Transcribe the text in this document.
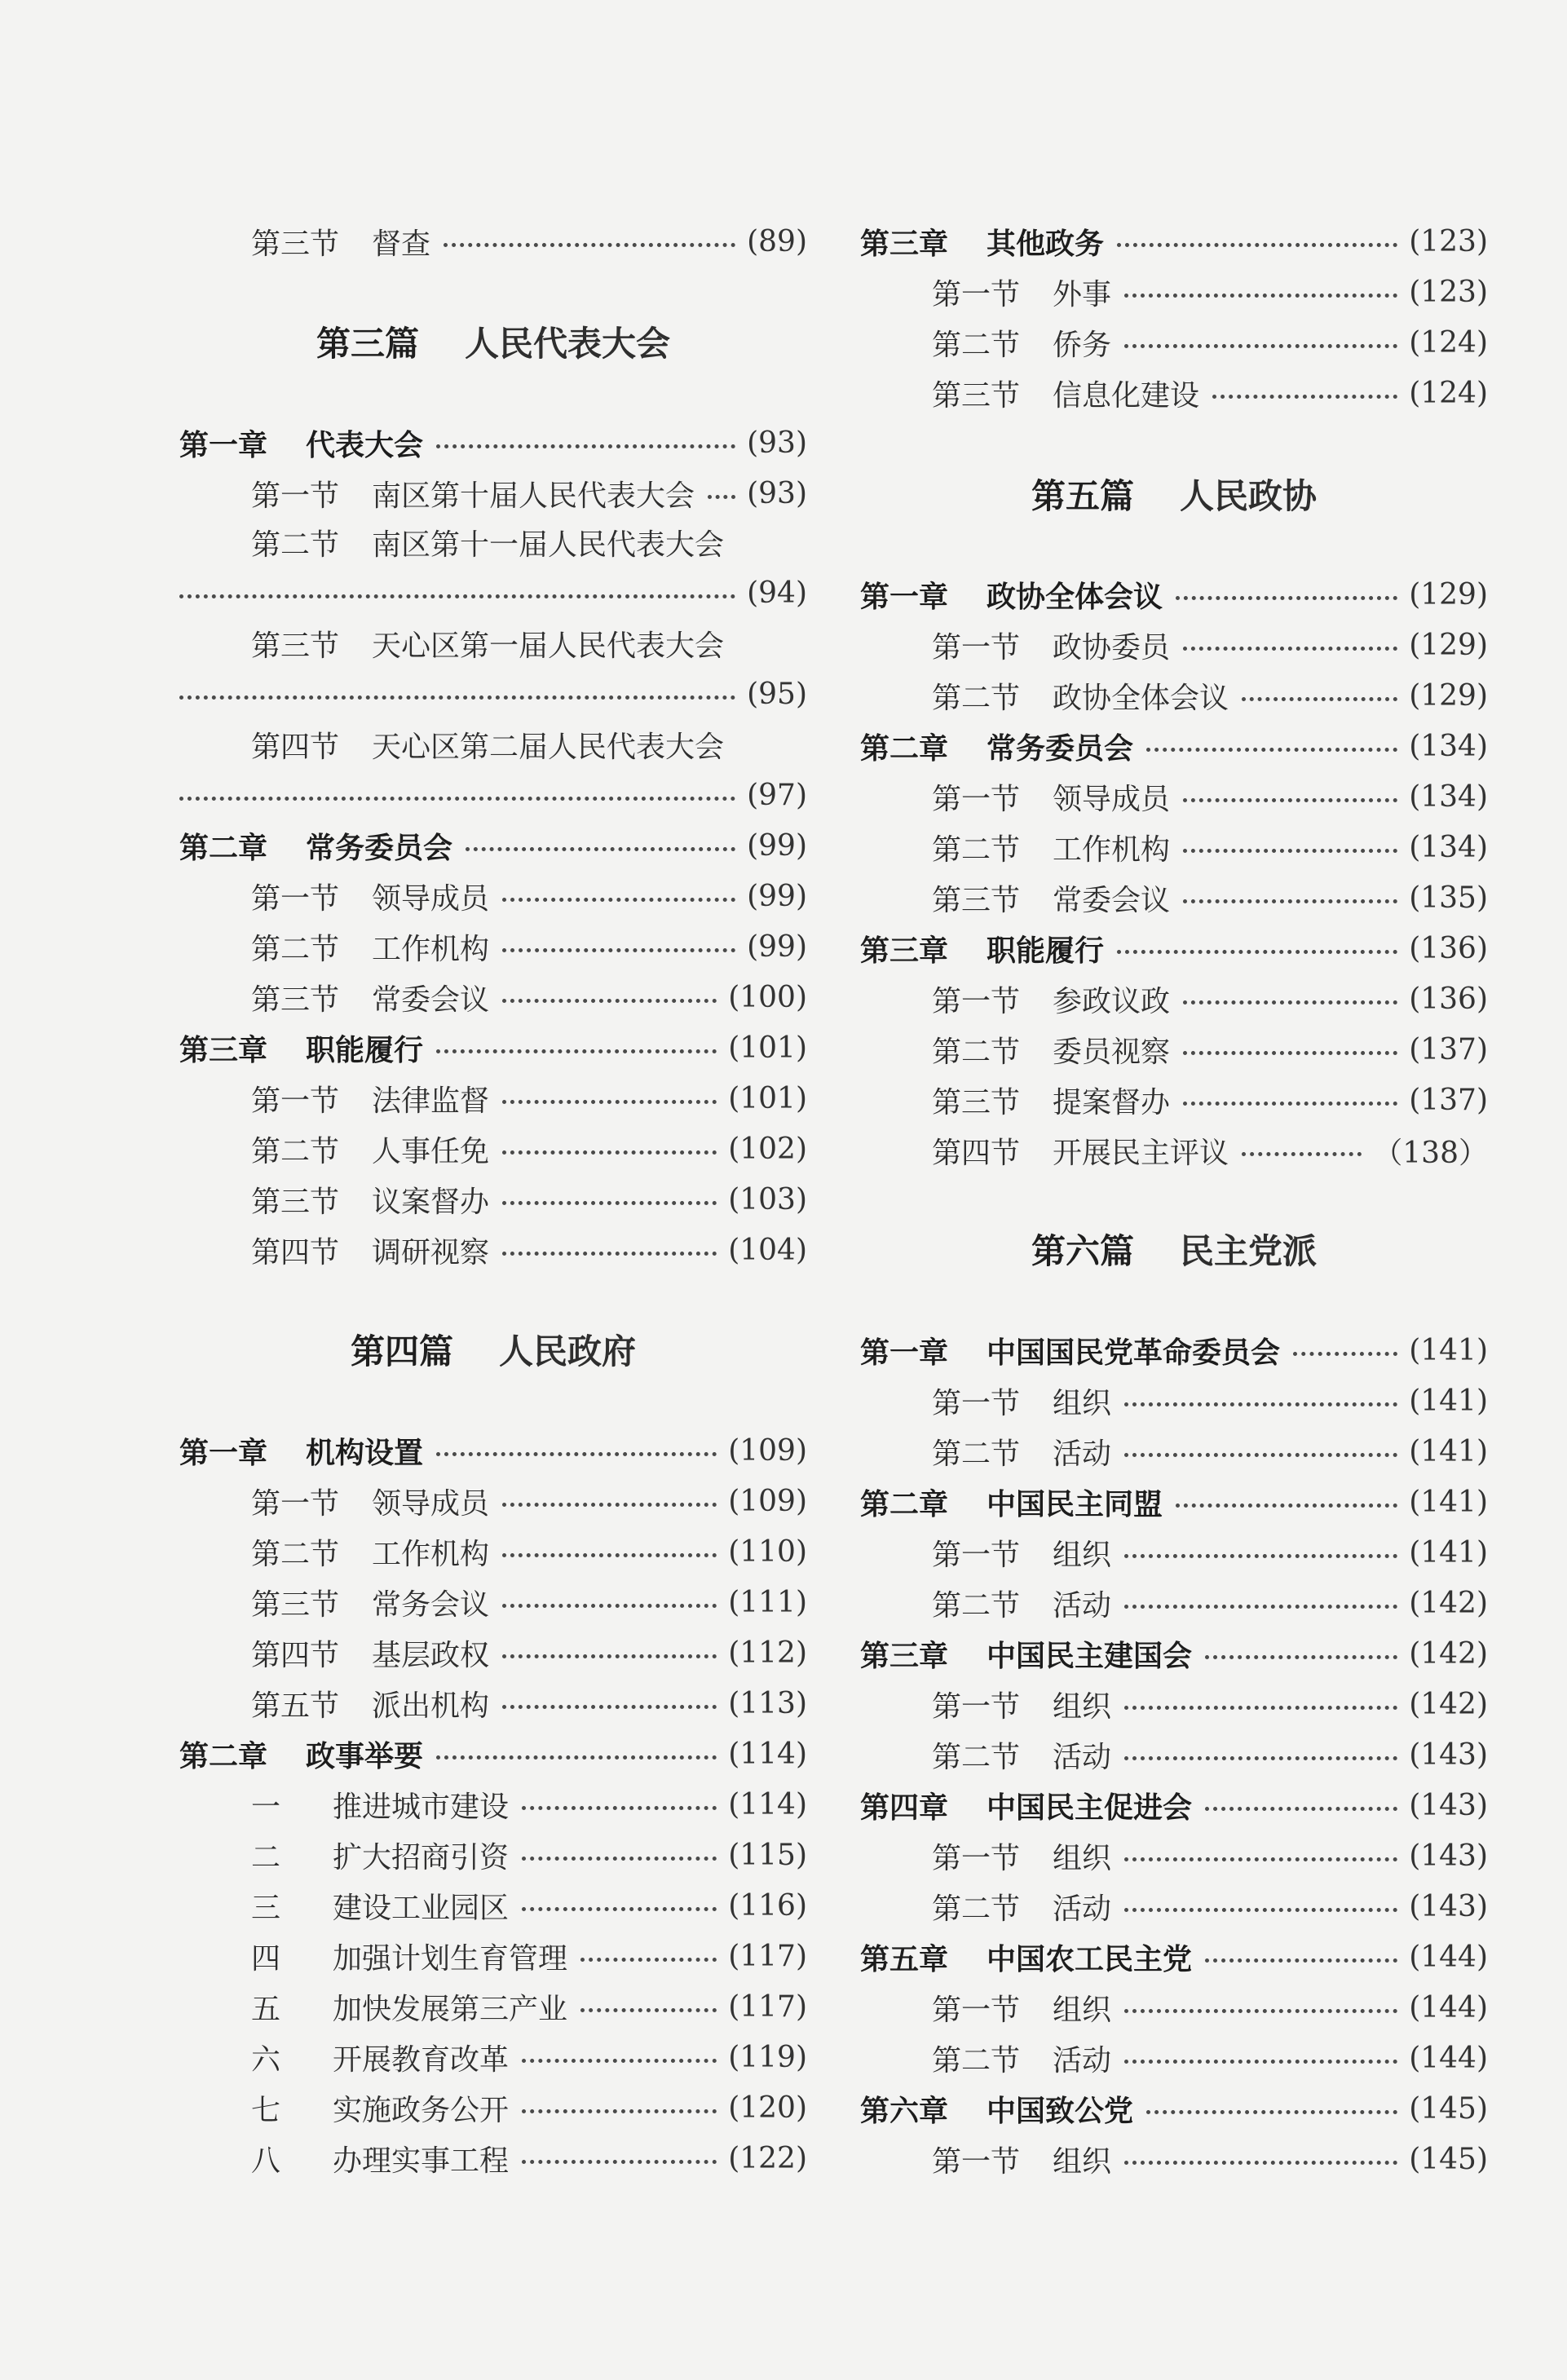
第三节	督查	(89)
第三篇 人民代表大会
第一章	代表大会	(93)
第一节	南区第十届人民代表大会 (93)
第二节	南区第十一届人民代表大会
(94)
第三节	天心区第一届人民代表大会
(95)
第四节	天心区第二届人民代表大会
(97)
第二章	常务委员会	(99)
第一节	领导成员	(99)
第二节	工作机构	(99)
第三节	常委会议	(100)
第三章	职能履行	(101)
第一节	法律监督	(101)
第二节	人事任免	(102)
第三节	议案督办	(103)
第四节	调研视察	(104)
第四篇 人民政府
第一章	机构设置	(109)
第一节	领导成员	(109)
第二节	工作机构	(110)
第三节	常务会议	(111)
第四节	基层政权	(112)
第五节	派出机构	(113)
第二章	政事举要	(114)
一	推进城市建设	(114)
二	扩大招商引资	(115)
三	建设工业园区	(116)
四	加强计划生育管理	(117)
五	加快发展第三产业	(117)
六	开展教育改革	(119)
七	实施政务公开	(120)
八	办理实事工程	(122)
第三章	其他政务	(123)
第一节	外事	(123)
第二节	侨务	(124)
第三节	信息化建设	(124)
第五篇 人民政协
第一章	政协全体会议	(129)
第一节	政协委员	(129)
第二节	政协全体会议	(129)
第二章	常务委员会	(134)
第一节	领导成员	(134)
第二节	工作机构	(134)
第三节	常委会议	(135)
第三章	职能履行	(136)
第一节	参政议政	(136)
第二节	委员视察	(137)
第三节	提案督办	(137)
第四节	开展民主评议	（138）
第六篇 民主党派
第一章	中国国民党革命委员会	(141)
第一节	组织	(141)
第二节	活动	(141)
第二章	中国民主同盟	(141)
第一节	组织	(141)
第二节	活动	(142)
第三章	中国民主建国会	(142)
第一节	组织	(142)
第二节	活动	(143)
第四章	中国民主促进会	(143)
第一节	组织	(143)
第二节	活动	(143)
第五章	中国农工民主党	(144)
第一节	组织	(144)
第二节	活动	(144)
第六章	中国致公党	(145)
第一节	组织	(145)
